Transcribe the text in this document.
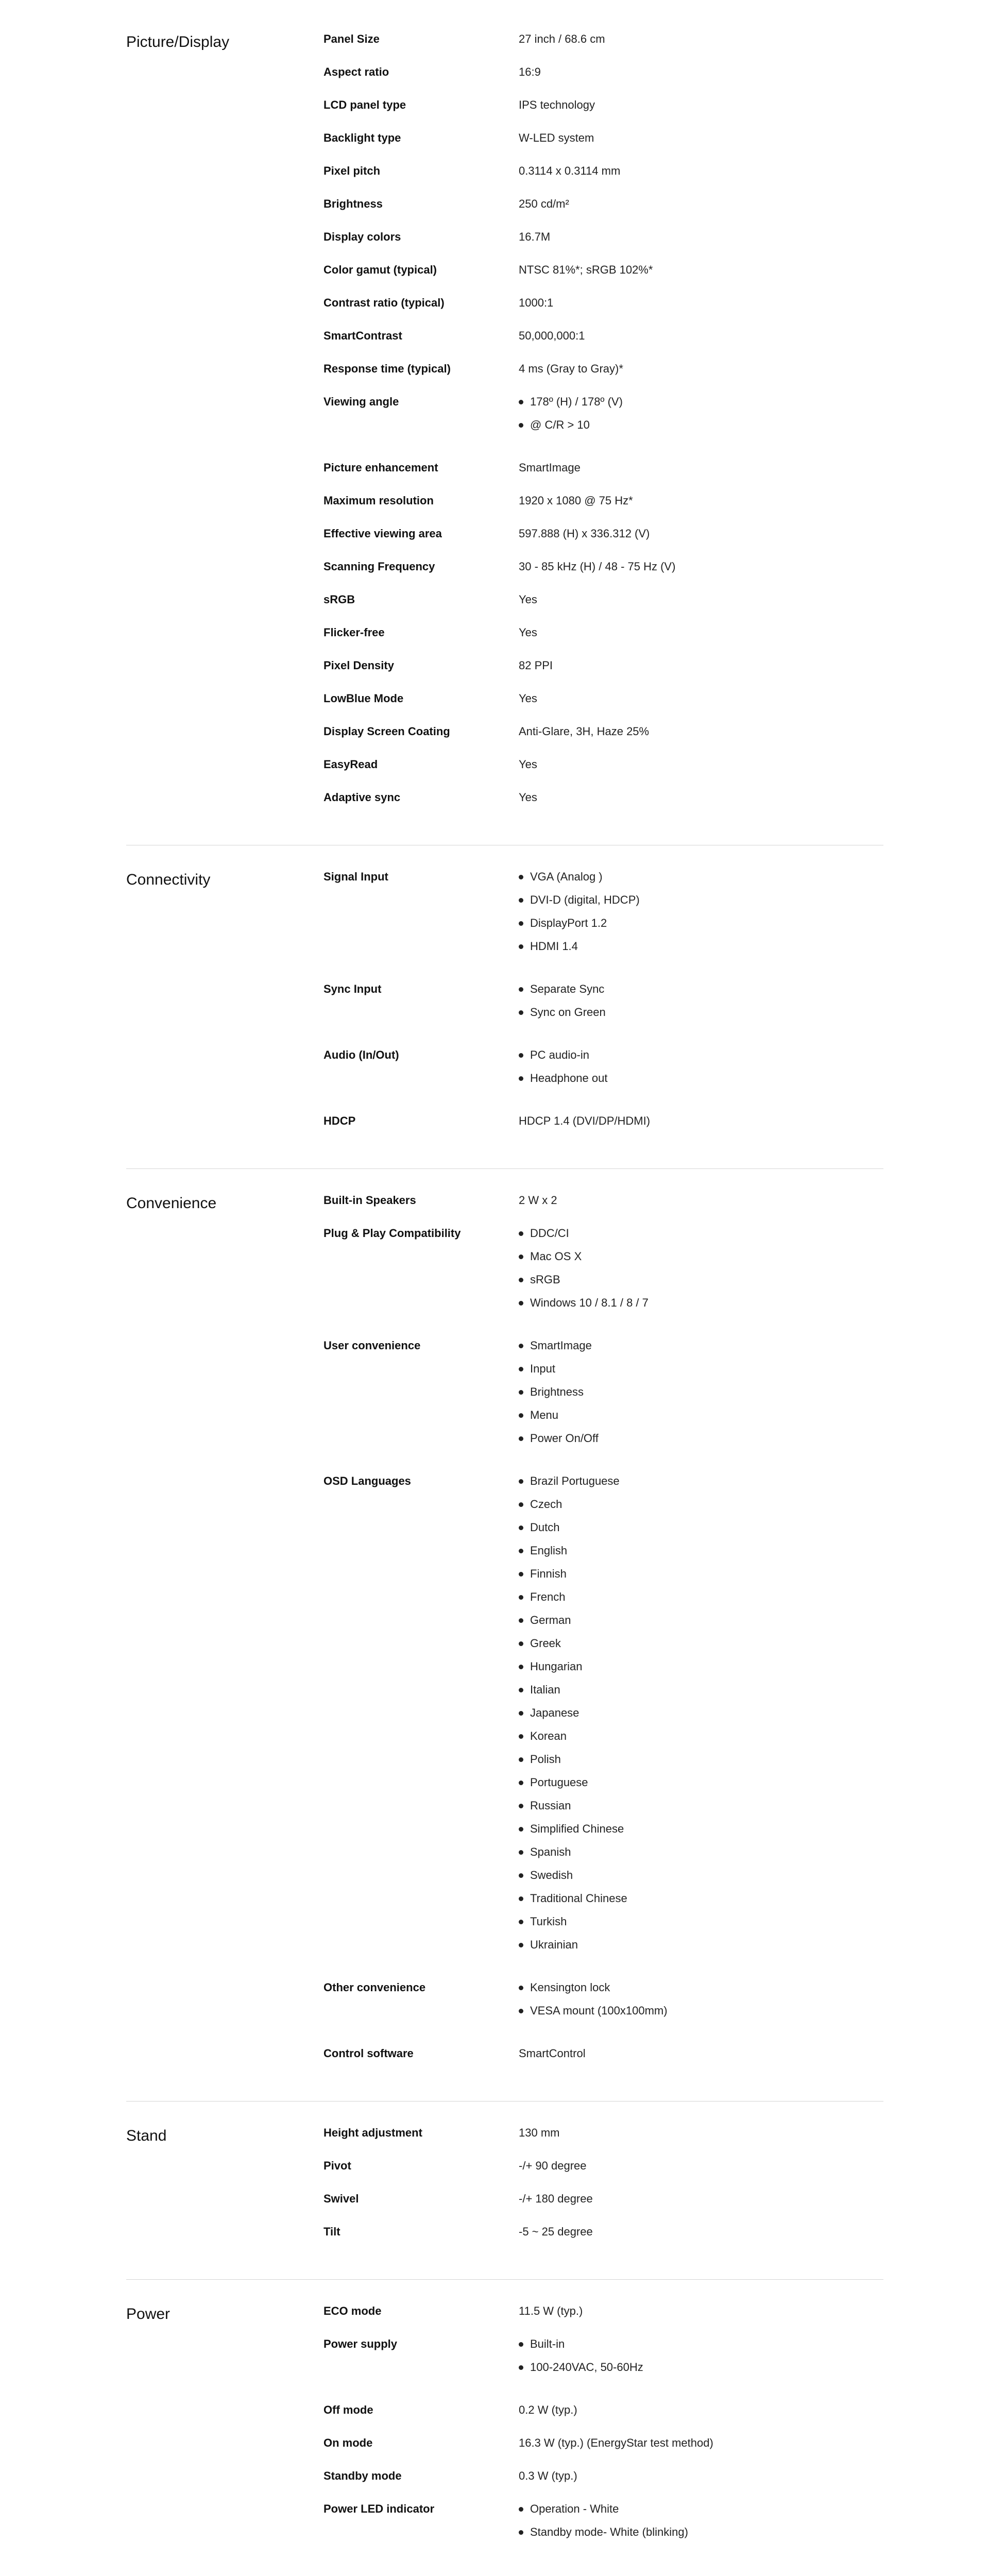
Picture/Display	Panel Size	27 inch / 68.6 cm
Aspect ratio	16:9
LCD panel type	IPS technology
Backlight type	W-LED system
Pixel pitch	0.3114 x 0.3114 mm
Brightness	250 cd/m²
Display colors	16.7M
Color gamut (typical)	NTSC 81%*; sRGB 102%*
Contrast ratio (typical)	1000:1
SmartContrast	50,000,000:1
Response time (typical)	4 ms (Gray to Gray)*
Viewing angle	178º (H) / 178º (V)
@ C/R > 10
Picture enhancement	SmartImage
Maximum resolution	1920 x 1080 @ 75 Hz*
Effective viewing area	597.888 (H) x 336.312 (V)
Scanning Frequency	30 - 85 kHz (H) / 48 - 75 Hz (V)
sRGB	Yes
Flicker-free	Yes
Pixel Density	82 PPI
LowBlue Mode	Yes
Display Screen Coating	Anti-Glare, 3H, Haze 25%
EasyRead	Yes
Adaptive sync	Yes
Connectivity	Signal Input	VGA (Analog )
DVI-D (digital, HDCP)
DisplayPort 1.2
HDMI 1.4
Sync Input	Separate Sync
Sync on Green
Audio (In/Out)	PC audio-in
Headphone out
HDCP	HDCP 1.4 (DVI/DP/HDMI)
Convenience	Built-in Speakers	2 W x 2
Plug & Play Compatibility	DDC/CI
Mac OS X
sRGB
Windows 10 / 8.1 / 8 / 7
User convenience	SmartImage
Input
Brightness
Menu
Power On/Off
OSD Languages	Brazil Portuguese
Czech
Dutch
English
Finnish
French
German
Greek
Hungarian
Italian
Japanese
Korean
Polish
Portuguese
Russian
Simplified Chinese
Spanish
Swedish
Traditional Chinese
Turkish
Ukrainian
Other convenience	Kensington lock
VESA mount (100x100mm)
Control software	SmartControl
Stand	Height adjustment	130 mm
Pivot	-/+ 90 degree
Swivel	-/+ 180 degree
Tilt	-5 ~ 25 degree
Power	ECO mode	11.5 W (typ.)
Power supply	Built-in
100-240VAC, 50-60Hz
Off mode	0.2 W (typ.)
On mode	16.3 W (typ.) (EnergyStar test method)
Standby mode	0.3 W (typ.)
Power LED indicator	Operation - White
Standby mode- White (blinking)
